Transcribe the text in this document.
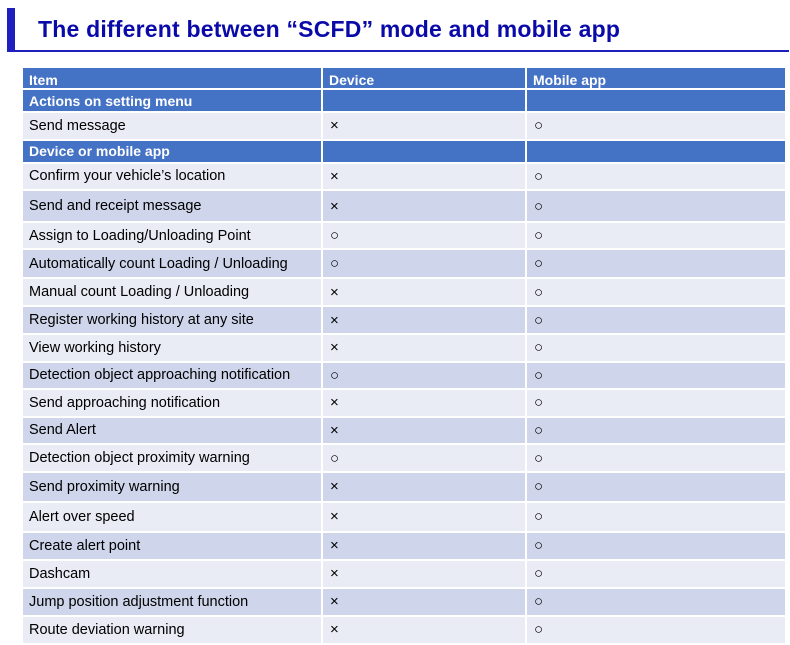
The different between “SCFD” mode and mobile app
Item	Device	Mobile app
Actions on setting menu		
Send message	×	○
Device or mobile app		
Confirm your vehicle’s location	×	○
Send and receipt message	×	○
Assign to Loading/Unloading Point	○	○
Automatically count Loading / Unloading	○	○
Manual count Loading / Unloading	×	○
Register working history at any site	×	○
View working history	×	○
Detection object approaching notification	○	○
Send approaching notification	×	○
Send Alert	×	○
Detection object proximity warning	○	○
Send proximity warning	×	○
Alert over speed	×	○
Create alert point	×	○
Dashcam	×	○
Jump position adjustment function	×	○
Route deviation warning	×	○
